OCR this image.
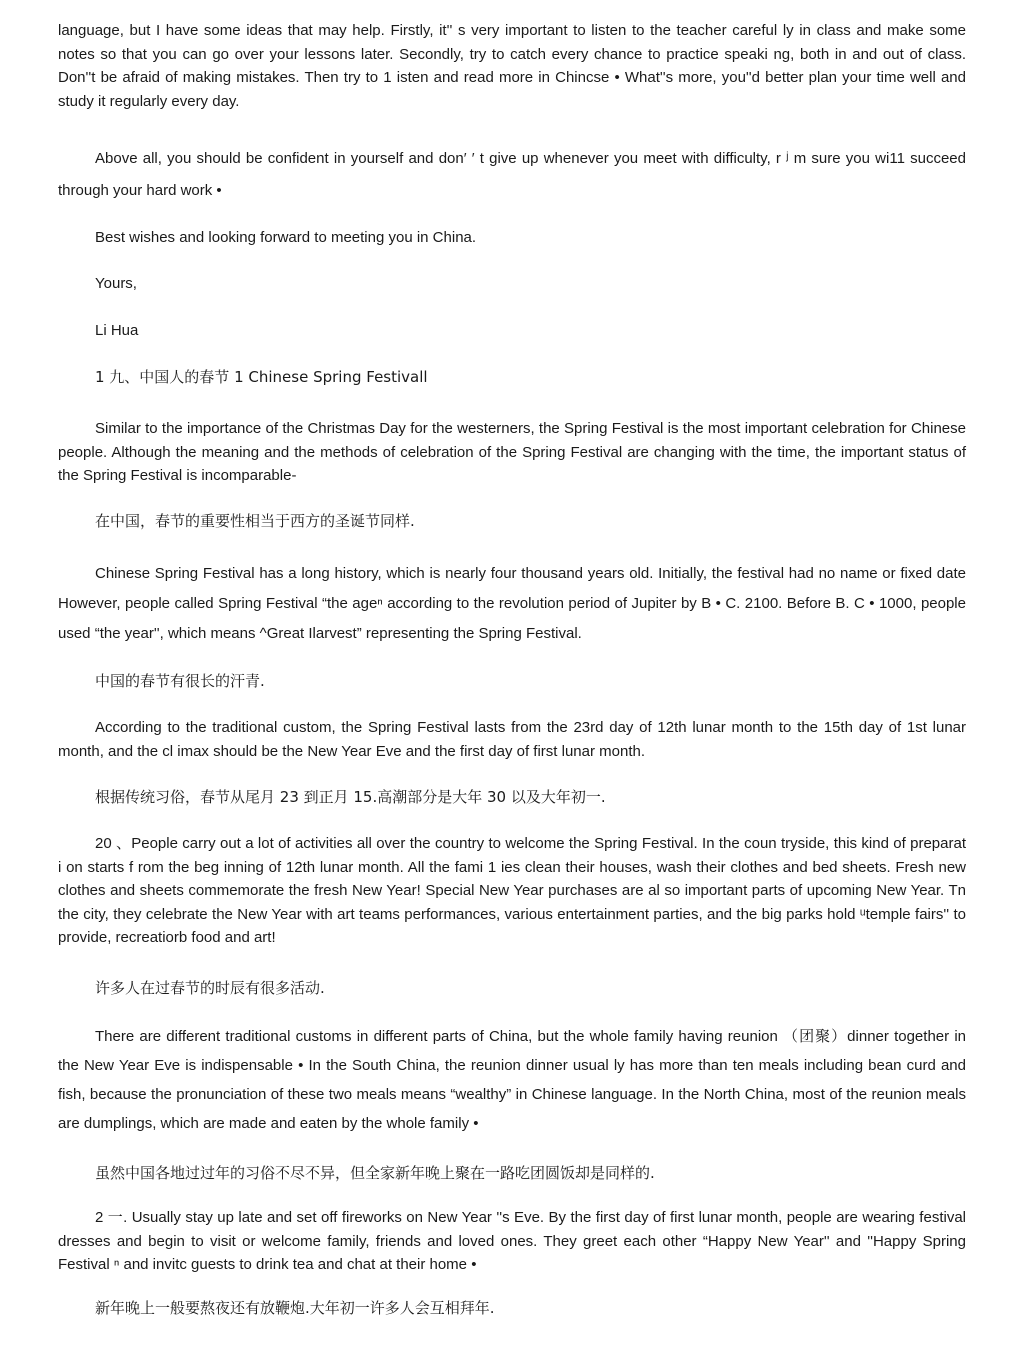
language, but I have some ideas that may help. Firstly, it'' s very important to listen to the teacher careful ly in class and make some notes so that you can go over your lessons later. Secondly, try to catch every chance to practice speaki ng, both in and out of class. Don''t be afraid of making mistakes. Then try to 1 isten and read more in Chincse • What''s more, you''d better plan your time well and study it regularly every day.

Above all, you should be confident in yourself and don′ ′ t give up whenever you meet with difficulty, r ʲ m sure you wi11 succeed through your hard work •

Best wishes and looking forward to meeting you in China.

Yours,

Li Hua

1 九、中国人的春节 1 Chinese Spring Festivall

Similar to the importance of the Christmas Day for the westerners, the Spring Festival is the most important celebration for Chinese people. Although the meaning and the methods of celebration of the Spring Festival are changing with the time, the important status of the Spring Festival is incomparable-

在中国，春节的重要性相当于西方的圣诞节同样.

Chinese Spring Festival has a long history, which is nearly four thousand years old. Initially, the festival had no name or fixed date However, people called Spring Festival “the ageⁿ according to the revolution period of Jupiter by B • C. 2100. Before B. C • 1000, people used “the year'', which means ^Great Ilarvest” representing the Spring Festival.

中国的春节有很长的汗青.

According to the traditional custom, the Spring Festival lasts from the 23rd day of 12th lunar month to the 15th day of 1st lunar month, and the cl imax should be the New Year Eve and the first day of first lunar month.

根据传统习俗，春节从尾月 23 到正月 15.高潮部分是大年 30 以及大年初一.

20 、People carry out a lot of activities all over the country to welcome the Spring Festival. In the coun tryside, this kind of preparat i on starts f rom the beg inning of 12th lunar month. All the fami 1 ies clean their houses, wash their clothes and bed sheets. Fresh new clothes and sheets commemorate the fresh New Year! Special New Year purchases are al so important parts of upcoming New Year. Tn the city, they celebrate the New Year with art teams performances, various entertainment parties, and the big parks hold ᵘtemple fairs'' to provide, recreatiorb food and art!

许多人在过春节的时辰有很多活动.

There are different traditional customs in different parts of China, but the whole family having reunion （团聚）dinner together in the New Year Eve is indispensable • In the South China, the reunion dinner usual ly has more than ten meals including bean curd and fish, because the pronunciation of these two meals means “wealthy” in Chinese language. In the North China, most of the reunion meals are dumplings, which are made and eaten by the whole family •

虽然中国各地过过年的习俗不尽不异，但全家新年晚上聚在一路吃团圆饭却是同样的.

2 一. Usually stay up late and set off fireworks on New Year ''s Eve. By the first day of first lunar month, people are wearing festival dresses and begin to visit or welcome family, friends and loved ones. They greet each other “Happy New Year'' and ''Happy Spring Festival ⁿ and invitc guests to drink tea and chat at their home •

新年晚上一般要熬夜还有放鞭炮.大年初一许多人会互相拜年.
